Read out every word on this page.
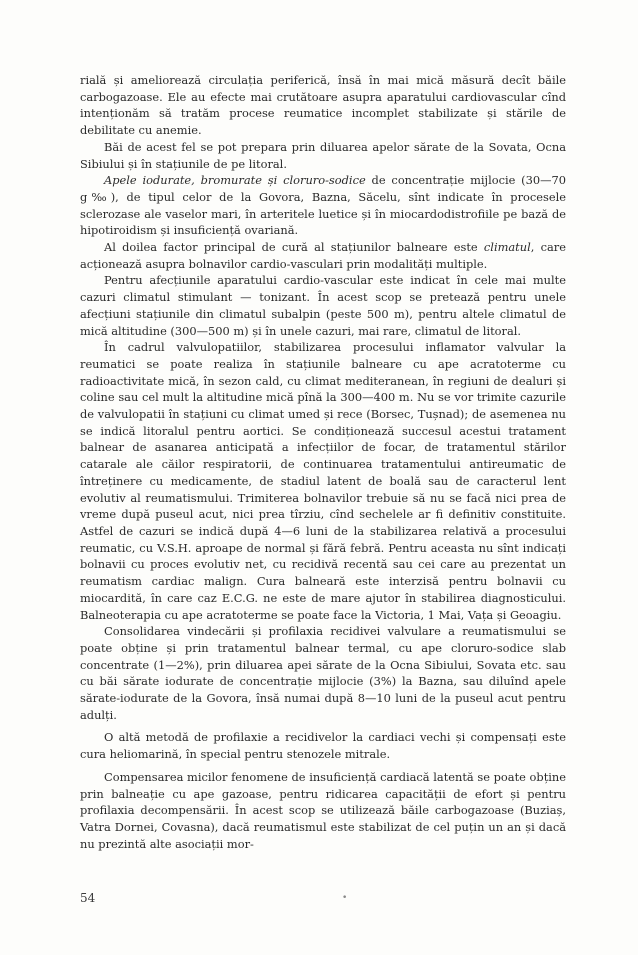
rială și ameliorează circulația periferică, însă în mai mică măsură decît băile carbogazoase. Ele au efecte mai crutătoare asupra aparatului cardiovascular cînd intenționăm să tratăm procese reumatice incomplet stabilizate și stările de debilitate cu anemie.

Băi de acest fel se pot prepara prin diluarea apelor sărate de la Sovata, Ocna Sibiului și în stațiunile de pe litoral.

Apele iodurate, bromurate și cloruro-sodice de concentrație mijlocie (30—70 g‰), de tipul celor de la Govora, Bazna, Săcelu, sînt indicate în procesele sclerozase ale vaselor mari, în arteritele luetice și în miocardodistrofiile pe bază de hipotiroidism și insuficiență ovariană.

Al doilea factor principal de cură al stațiunilor balneare este climatul, care acționează asupra bolnavilor cardio-vasculari prin modalități multiple.

Pentru afecțiunile aparatului cardio-vascular este indicat în cele mai multe cazuri climatul stimulant — tonizant. În acest scop se pretează pentru unele afecțiuni stațiunile din climatul subalpin (peste 500 m), pentru altele climatul de mică altitudine (300—500 m) și în unele cazuri, mai rare, climatul de litoral.

În cadrul valvulopatiilor, stabilizarea procesului inflamator valvular la reumatici se poate realiza în stațiunile balneare cu ape acratoterme cu radioactivitate mică, în sezon cald, cu climat mediteranean, în regiuni de dealuri și coline sau cel mult la altitudine mică pînă la 300—400 m. Nu se vor trimite cazurile de valvulopatii în stațiuni cu climat umed și rece (Borsec, Tușnad); de asemenea nu se indică litoralul pentru aortici. Se condiționează succesul acestui tratament balnear de asanarea anticipată a infecțiilor de focar, de tratamentul stărilor catarale ale căilor respiratorii, de continuarea tratamentului antireumatic de întreținere cu medicamente, de stadiul latent de boală sau de caracterul lent evolutiv al reumatismului. Trimiterea bolnavilor trebuie să nu se facă nici prea de vreme după puseul acut, nici prea tîrziu, cînd sechelele ar fi definitiv constituite. Astfel de cazuri se indică după 4—6 luni de la stabilizarea relativă a procesului reumatic, cu V.S.H. aproape de normal și fără febră. Pentru aceasta nu sînt indicați bolnavii cu proces evolutiv net, cu recidivă recentă sau cei care au prezentat un reumatism cardiac malign. Cura balneară este interzisă pentru bolnavii cu miocardită, în care caz E.C.G. ne este de mare ajutor în stabilirea diagnosticului. Balneoterapia cu ape acratoterme se poate face la Victoria, 1 Mai, Vața și Geoagiu.

Consolidarea vindecării și profilaxia recidivei valvulare a reumatismului se poate obține și prin tratamentul balnear termal, cu ape cloruro-sodice slab concentrate (1—2%), prin diluarea apei sărate de la Ocna Sibiului, Sovata etc. sau cu băi sărate iodurate de concentrație mijlocie (3%) la Bazna, sau diluînd apele sărate-iodurate de la Govora, însă numai după 8—10 luni de la puseul acut pentru adulți.

O altă metodă de profilaxie a recidivelor la cardiaci vechi și compensați este cura heliomarină, în special pentru stenozele mitrale.

Compensarea micilor fenomene de insuficiență cardiacă latentă se poate obține prin balneație cu ape gazoase, pentru ridicarea capacității de efort și pentru profilaxia decompensării. În acest scop se utilizează băile carbogazoase (Buziaș, Vatra Dornei, Covasna), dacă reumatismul este stabilizat de cel puțin un an și dacă nu prezintă alte asociații mor-

54	•
